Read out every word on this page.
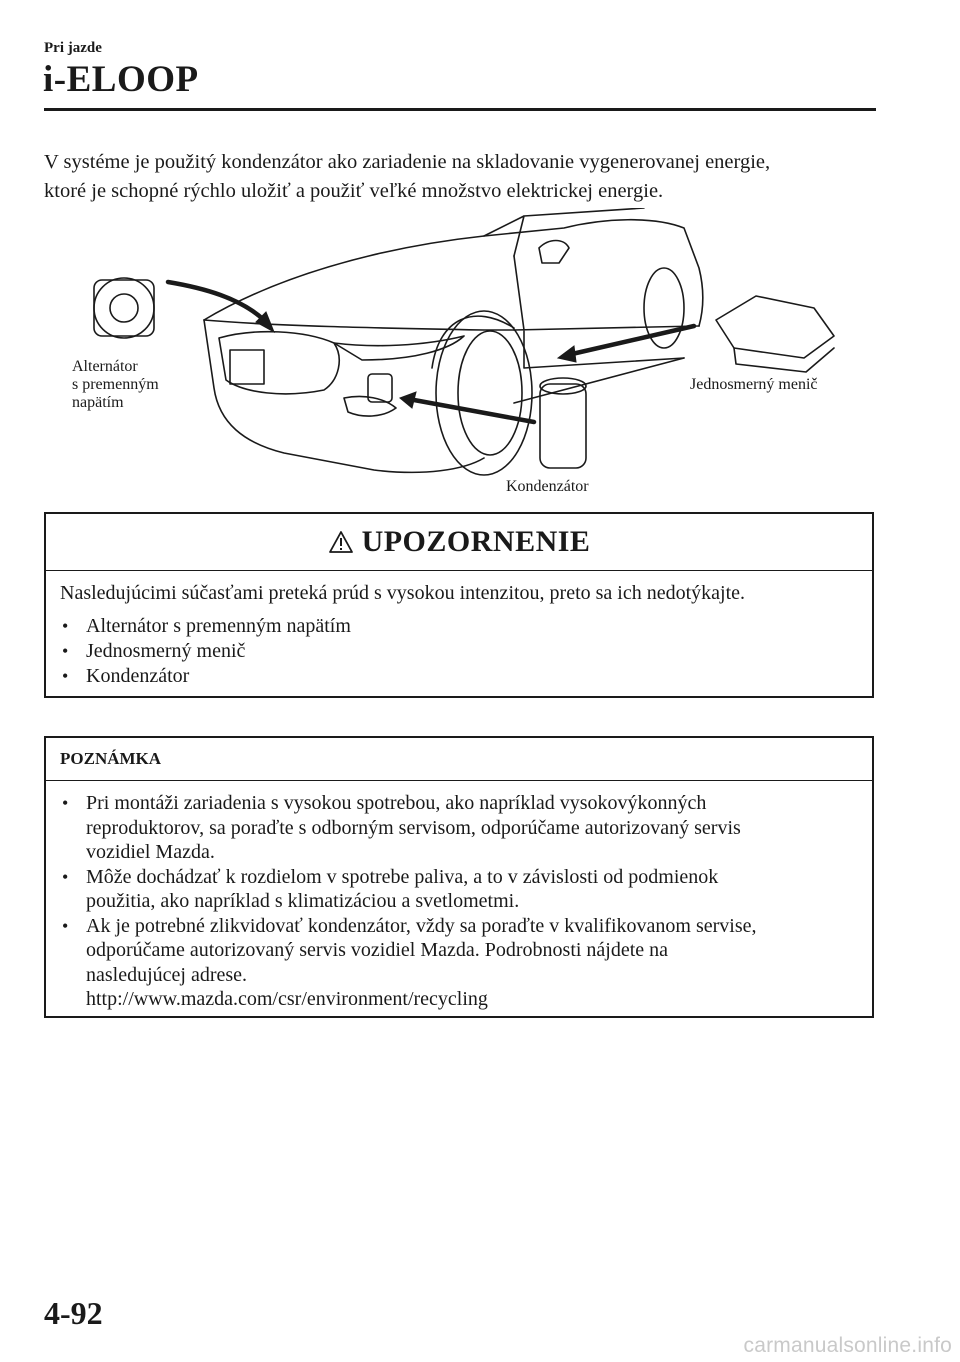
Pri jazde
i-ELOOP

V systéme je použitý kondenzátor ako zariadenie na skladovanie vygenerovanej energie,

ktoré je schopné rýchlo uložiť a použiť veľké množstvo elektrickej energie.

Alternátor
s premenným
napätím
Jednosmerný menič
Kondenzátor
UPOZORNENIE

Nasledujúcimi súčasťami preteká prúd s vysokou intenzitou, preto sa ich nedotýkajte.

• Alternátor s premenným napätím
• Jednosmerný menič
• Kondenzátor
POZNÁMKA
• Pri montáži zariadenia s vysokou spotrebou, ako napríklad vysokovýkonných
reproduktorov, sa poraďte s odborným servisom, odporúčame autorizovaný servis
vozidiel Mazda.
• Môže dochádzať k rozdielom v spotrebe paliva, a to v závislosti od podmienok
použitia, ako napríklad s klimatizáciou a svetlometmi.
• Ak je potrebné zlikvidovať kondenzátor, vždy sa poraďte v kvalifikovanom servise,
odporúčame autorizovaný servis vozidiel Mazda. Podrobnosti nájdete na
nasledujúcej adrese.
http://www.mazda.com/csr/environment/recycling
4-92
carmanualsonline.info
